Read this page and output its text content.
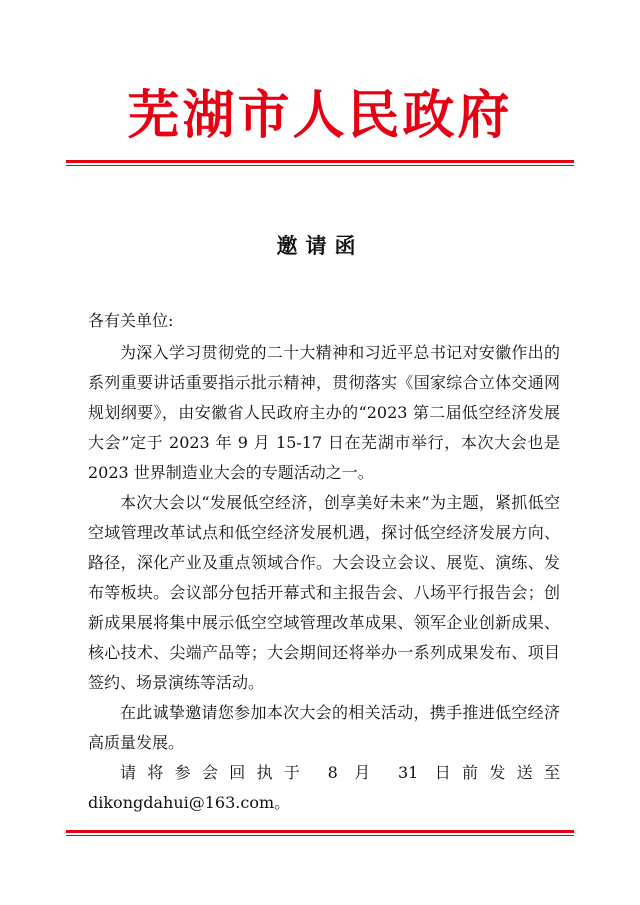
芜湖市人民政府
邀请函
各有关单位:

为深入学习贯彻党的二十大精神和习近平总书记对安徽作出的系列重要讲话重要指示批示精神，贯彻落实《国家综合立体交通网规划纲要》，由安徽省人民政府主办的“2023 第二届低空经济发展大会”定于 2023 年 9 月 15-17 日在芜湖市举行，本次大会也是 2023 世界制造业大会的专题活动之一。

本次大会以“发展低空经济，创享美好未来”为主题，紧抓低空空域管理改革试点和低空经济发展机遇，探讨低空经济发展方向、路径，深化产业及重点领域合作。大会设立会议、展览、演练、发布等板块。会议部分包括开幕式和主报告会、八场平行报告会；创新成果展将集中展示低空空域管理改革成果、领军企业创新成果、核心技术、尖端产品等；大会期间还将举办一系列成果发布、项目签约、场景演练等活动。

在此诚挚邀请您参加本次大会的相关活动，携手推进低空经济高质量发展。

请将参会回执于 8 月 31 日前发送至 dikongdahui@163.com。
